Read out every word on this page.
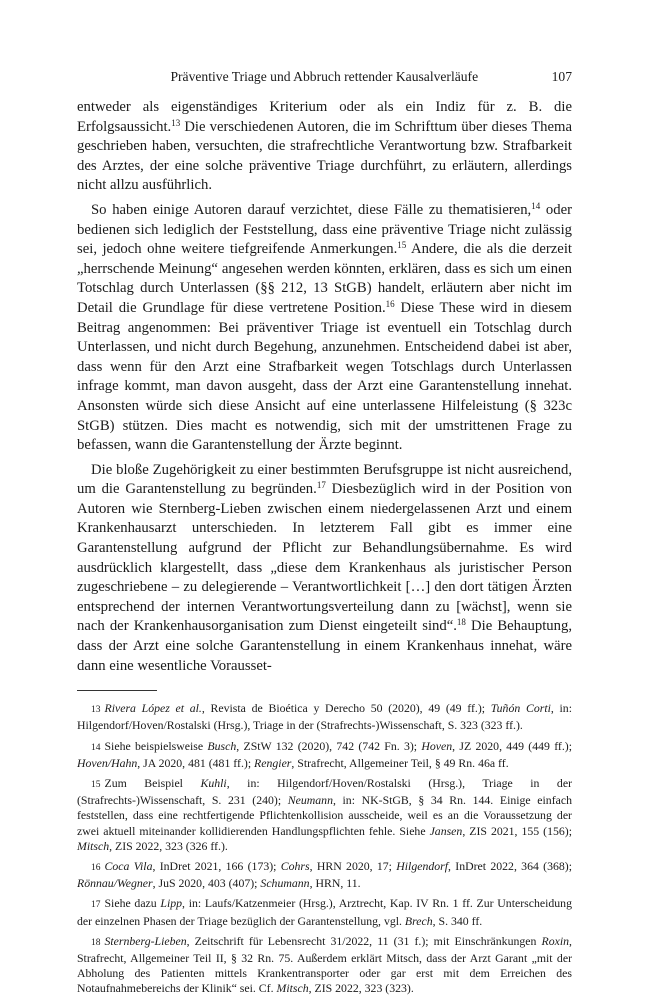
Präventive Triage und Abbruch rettender Kausalverläufe	107

entweder als eigenständiges Kriterium oder als ein Indiz für z. B. die Erfolgsaussicht.$^{13}$ Die verschiedenen Autoren, die im Schrifttum über dieses Thema geschrieben haben, versuchten, die strafrechtliche Verantwortung bzw. Strafbarkeit des Arztes, der eine solche präventive Triage durchführt, zu erläutern, allerdings nicht allzu ausführlich.

So haben einige Autoren darauf verzichtet, diese Fälle zu thematisieren,$^{14}$ oder bedienen sich lediglich der Feststellung, dass eine präventive Triage nicht zulässig sei, jedoch ohne weitere tiefgreifende Anmerkungen.$^{15}$ Andere, die als die derzeit „herrschende Meinung“ angesehen werden könnten, erklären, dass es sich um einen Totschlag durch Unterlassen (§§ 212, 13 StGB) handelt, erläutern aber nicht im Detail die Grundlage für diese vertretene Position.$^{16}$ Diese These wird in diesem Beitrag angenommen: Bei präventiver Triage ist eventuell ein Totschlag durch Unterlassen, und nicht durch Begehung, anzunehmen. Entscheidend dabei ist aber, dass wenn für den Arzt eine Strafbarkeit wegen Totschlags durch Unterlassen infrage kommt, man davon ausgeht, dass der Arzt eine Garantenstellung innehat. Ansonsten würde sich diese Ansicht auf eine unterlassene Hilfeleistung (§ 323c StGB) stützen. Dies macht es notwendig, sich mit der umstrittenen Frage zu befassen, wann die Garantenstellung der Ärzte beginnt.

Die bloße Zugehörigkeit zu einer bestimmten Berufsgruppe ist nicht ausreichend, um die Garantenstellung zu begründen.$^{17}$ Diesbezüglich wird in der Position von Autoren wie Sternberg-Lieben zwischen einem niedergelassenen Arzt und einem Krankenhausarzt unterschieden. In letzterem Fall gibt es immer eine Garantenstellung aufgrund der Pflicht zur Behandlungsübernahme. Es wird ausdrücklich klargestellt, dass „diese dem Krankenhaus als juristischer Person zugeschriebene – zu delegierende – Verantwortlichkeit […] den dort tätigen Ärzten entsprechend der internen Verantwortungsverteilung dann zu [wächst], wenn sie nach der Krankenhausorganisation zum Dienst eingeteilt sind“.$^{18}$ Die Behauptung, dass der Arzt eine solche Garantenstellung in einem Krankenhaus innehat, wäre dann eine wesentliche Vorausset-

13 Rivera López et al., Revista de Bioética y Derecho 50 (2020), 49 (49 ff.); Tuñón Corti, in: Hilgendorf/Hoven/Rostalski (Hrsg.), Triage in der (Strafrechts-)Wissenschaft, S. 323 (323 ff.).

14 Siehe beispielsweise Busch, ZStW 132 (2020), 742 (742 Fn. 3); Hoven, JZ 2020, 449 (449 ff.); Hoven/Hahn, JA 2020, 481 (481 ff.); Rengier, Strafrecht, Allgemeiner Teil, § 49 Rn. 46a ff.

15 Zum Beispiel Kuhli, in: Hilgendorf/Hoven/Rostalski (Hrsg.), Triage in der (Strafrechts-)Wissenschaft, S. 231 (240); Neumann, in: NK-StGB, § 34 Rn. 144. Einige einfach feststellen, dass eine rechtfertigende Pflichtenkollision ausscheide, weil es an die Voraussetzung der zwei aktuell miteinander kollidierenden Handlungspflichten fehle. Siehe Jansen, ZIS 2021, 155 (156); Mitsch, ZIS 2022, 323 (326 ff.).

16 Coca Vila, InDret 2021, 166 (173); Cohrs, HRN 2020, 17; Hilgendorf, InDret 2022, 364 (368); Rönnau/Wegner, JuS 2020, 403 (407); Schumann, HRN, 11.

17 Siehe dazu Lipp, in: Laufs/Katzenmeier (Hrsg.), Arztrecht, Kap. IV Rn. 1 ff. Zur Unterscheidung der einzelnen Phasen der Triage bezüglich der Garantenstellung, vgl. Brech, S. 340 ff.

18 Sternberg-Lieben, Zeitschrift für Lebensrecht 31/2022, 11 (31 f.); mit Einschränkungen Roxin, Strafrecht, Allgemeiner Teil II, § 32 Rn. 75. Außerdem erklärt Mitsch, dass der Arzt Garant „mit der Abholung des Patienten mittels Krankentransporter oder gar erst mit dem Erreichen des Notaufnahmebereichs der Klinik“ sei. Cf. Mitsch, ZIS 2022, 323 (323).
